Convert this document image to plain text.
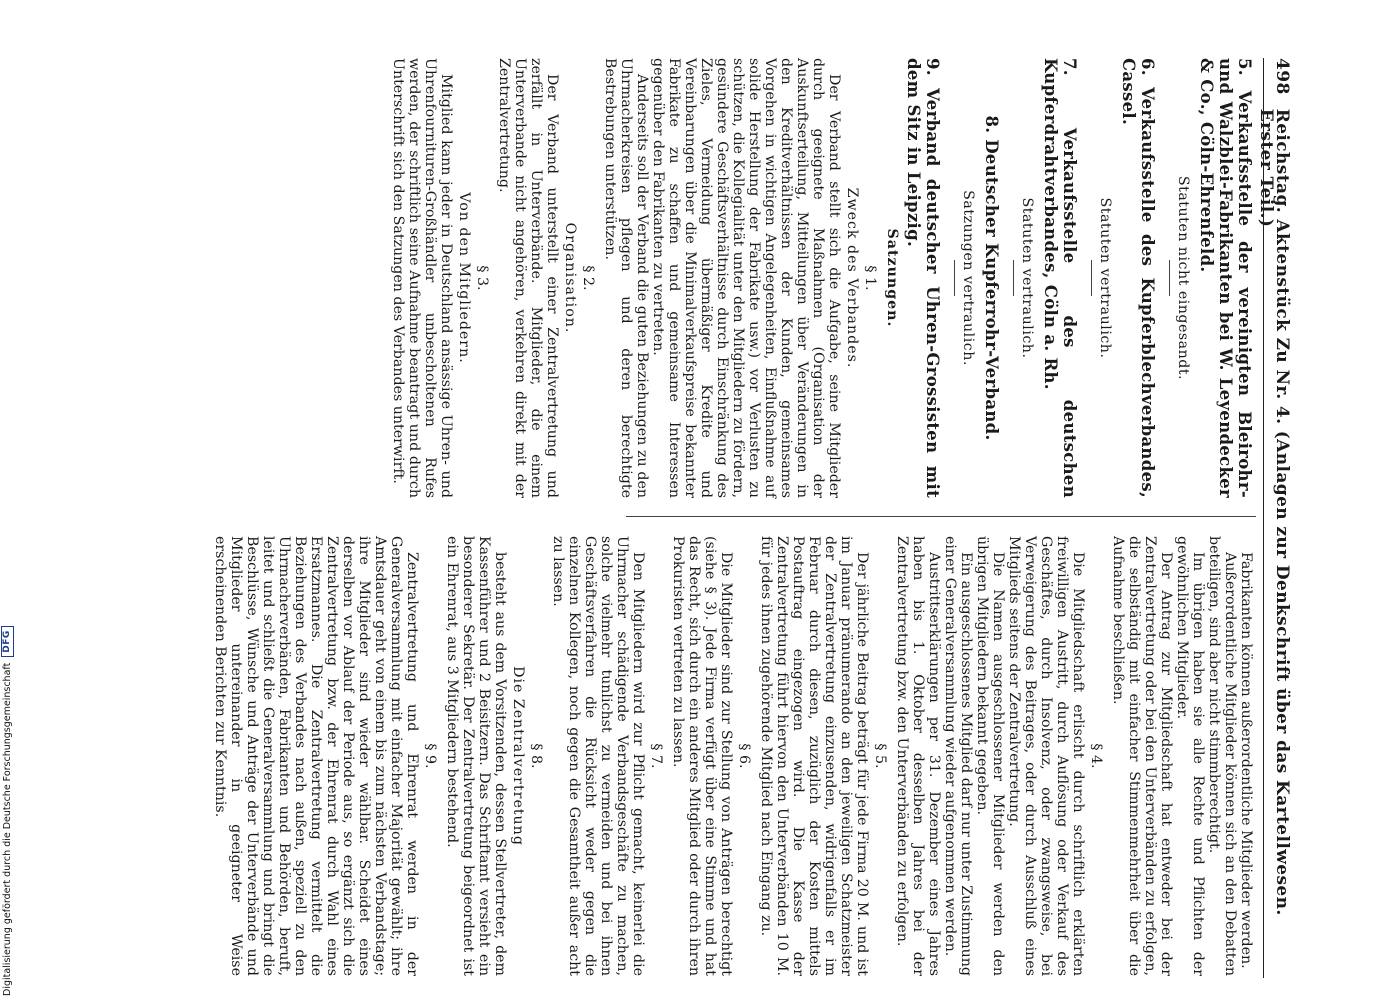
498
Reichstag. Aktenstück Zu Nr. 4. (Anlagen zur Denkschrift über das Kartellwesen. Erster Teil.)
5. Verkaufsstelle der vereinigten Bleirohr- und Walzblei-Fabrikanten bei W. Leyendecker & Co., Cöln-Ehrenfeld.
Statuten nicht eingesandt.
6. Verkaufsstelle des Kupferblechverbandes, Cassel.
Statuten vertraulich.
7. Verkaufsstelle des deutschen Kupferdrahtverbandes, Cöln a. Rh.
Statuten vertraulich.
8. Deutscher Kupferrohr-Verband.
Satzungen vertraulich.
9. Verband deutscher Uhren-Grossisten mit dem Sitz in Leipzig.
Satzungen.
§ 1.
Zweck des Verbandes.

Der Verband stellt sich die Aufgabe, seine Mitglieder durch geeignete Maßnahmen (Organisation der Auskunftserteilung, Mitteilungen über Veränderungen in den Kreditverhältnissen der Kunden, gemeinsames Vorgehen in wichtigen Angelegenheiten, Einflußnahme auf solide Herstellung der Fabrikate usw.) vor Verlusten zu schützen, die Kollegialität unter den Mitgliedern zu fördern, gesündere Geschäftsverhältnisse durch Einschränkung des Zieles, Vermeidung übermäßiger Kredite und Vereinbarungen über die Minimalverkaufspreise bekannter Fabrikate zu schaffen und gemeinsame Interessen gegenüber den Fabrikanten zu vertreten.

Anderseits soll der Verband die guten Beziehungen zu den Uhrmacherkreisen pflegen und deren berechtigte Bestrebungen unterstützen.

§ 2.
Organisation.

Der Verband unterstellt einer Zentralvertretung und zerfällt in Unterverbände. Mitglieder, die einem Unterverbande nicht angehören, verkehren direkt mit der Zentralvertretung.

§ 3.
Von den Mitgliedern.

Mitglied kann jeder in Deutschland ansässige Uhren- und Uhrenfournituren-Großhändler unbescholtenen Rufes werden, der schriftlich seine Aufnahme beantragt und durch Unterschrift sich den Satzungen des Verbandes unterwirft.

Fabrikanten können außerordentliche Mitglieder werden.

Außerordentliche Mitglieder können sich an den Debatten beteiligen, sind aber nicht stimmberechtigt.

Im übrigen haben sie alle Rechte und Pflichten der gewöhnlichen Mitglieder.

Der Antrag zur Mitgliedschaft hat entweder bei der Zentralvertretung oder bei den Unterverbänden zu erfolgen, die selbständig mit einfacher Stimmenmehrheit über die Aufnahme beschließen.

§ 4.

Die Mitgliedschaft erlischt durch schriftlich erklärten freiwilligen Austritt, durch Auflösung oder Verkauf des Geschäftes, durch Insolvenz, oder zwangsweise, bei Verweigerung des Beitrages, oder durch Ausschluß eines Mitglieds seitens der Zentralvertretung.

Die Namen ausgeschlossener Mitglieder werden den übrigen Mitgliedern bekannt gegeben.

Ein ausgeschlossenes Mitglied darf nur unter Zustimmung einer Generalversammlung wieder aufgenommen werden.

Austrittserklärungen per 31. Dezember eines Jahres haben bis 1. Oktober desselben Jahres bei der Zentralvertretung bzw. den Unterverbänden zu erfolgen.

§ 5.

Der jährliche Beitrag beträgt für jede Firma 20 M. und ist im Januar pränumerando an den jeweiligen Schatzmeister der Zentralvertretung einzusenden, widrigenfalls er im Februar durch diesen, zuzüglich der Kosten mittels Postauftrag eingezogen wird. Die Kasse der Zentralvertretung führt hiervon den Unterverbänden 10 M. für jedes ihnen zugehörende Mitglied nach Eingang zu.

§ 6.

Die Mitglieder sind zur Stellung von Anträgen berechtigt (siehe § 3). Jede Firma verfügt über eine Stimme und hat das Recht, sich durch ein anderes Mitglied oder durch ihren Prokuristen vertreten zu lassen.

§ 7.

Den Mitgliedern wird zur Pflicht gemacht, keinerlei die Uhrmacher schädigende Verbandsgeschäfte zu machen, solche vielmehr tunlichst zu vermeiden und bei ihnen Geschäftsverfahren die Rücksicht weder gegen die einzelnen Kollegen, noch gegen die Gesamtheit außer acht zu lassen.

§ 8.
Die Zentralvertretung

besteht aus dem Vorsitzenden, dessen Stellvertreter, dem Kassenführer und 2 Beisitzern. Das Schriftamt versieht ein besonderer Sekretär. Der Zentralvertretung beigeordnet ist ein Ehrenrat, aus 3 Mitgliedern bestehend.

§ 9.

Zentralvertretung und Ehrenrat werden in der Generalversammlung mit einfacher Majorität gewählt; ihre Amtsdauer geht von einem bis zum nächsten Verbandstage; ihre Mitglieder sind wieder wählbar. Scheidet eines derselben vor Ablauf der Periode aus, so ergänzt sich die Zentralvertretung bzw. der Ehrenrat durch Wahl eines Ersatzmannes. Die Zentralvertretung vermittelt die Beziehungen des Verbandes nach außen, speziell zu den Uhrmacherverbänden, Fabrikanten und Behörden, beruft, leitet und schließt die Generalversammlung und bringt die Beschlüsse, Wünsche und Anträge der Unterverbände und Mitglieder untereinander in geeigneter Weise erscheinenden Berichten zur Kenntnis.

Digitalisierung gefördert durch die Deutsche Forschungsgemeinschaft
DFG
